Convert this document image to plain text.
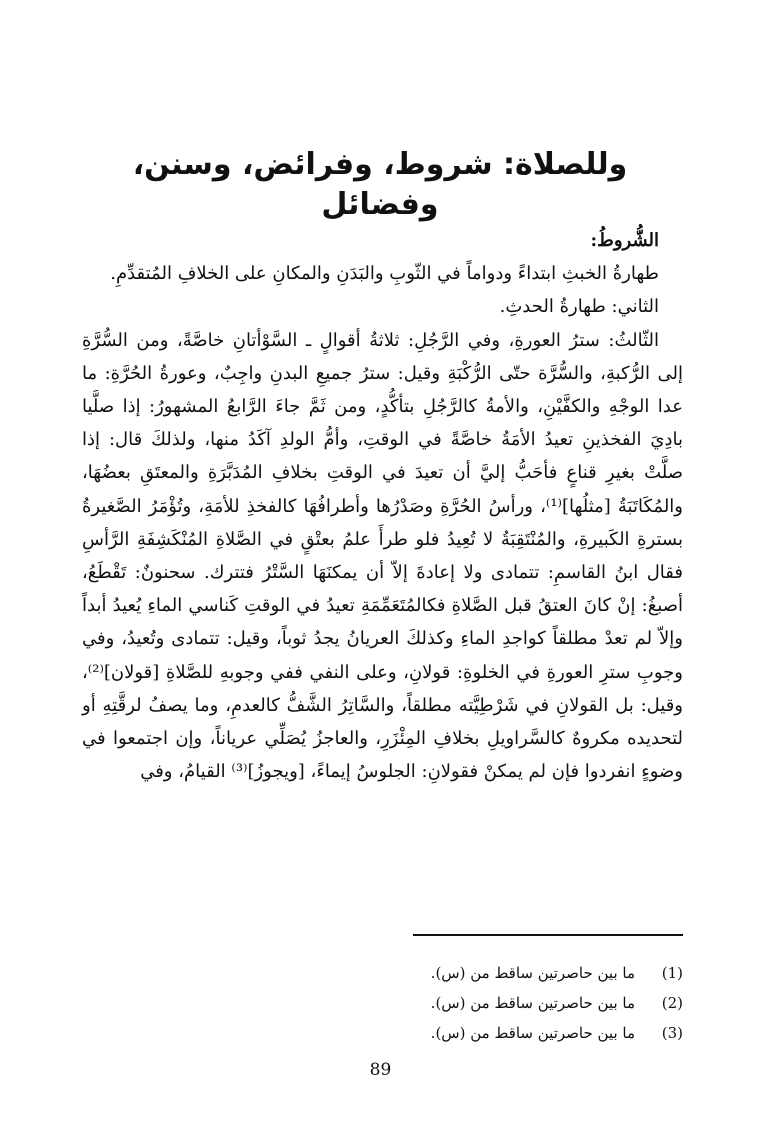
وللصلاة: شروط، وفرائض، وسنن، وفضائل

الشُّروطُ:

طهارةُ الخبثِ ابتداءً ودواماً في الثّوبِ والبَدَنِ والمكانِ على الخلافِ المُتقدِّمِ.

الثاني: طهارةُ الحدثِ.

الثّالثُ: سترُ العورةِ، وفي الرَّجُلِ: ثلاثةُ أقوالٍ ـ السَّوْأتانِ خاصَّةً، ومن السُّرَّةِ إلى الرُّكبةِ، والسُّرَّة حتّى الرُّكْبَةِ وقيل: سترُ جميعِ البدنِ واجِبٌ، وعورةُ الحُرَّةِ: ما عدا الوجْهِ والكفَّيْنِ، والأمةُ كالرَّجُلِ بتأكُّدٍ، ومن ثَمَّ جاءَ الرَّابعُ المشهورُ: إذا صلَّيا بادِيَ الفخذينِ تعيدُ الأمَةُ خاصَّةً في الوقتِ، وأمُّ الولدِ آكَدُ منها، ولذلكَ قال: إذا صلَّتْ بغيرِ قناعٍ فأحَبُّ إليَّ أن تعيدَ في الوقتِ بخلافِ المُدَبَّرَةِ والمعتَقِ بعضُهَا، والمُكَاتَبَةُ [مثلُها]⁽¹⁾، ورأسُ الحُرَّةِ وصَدْرُها وأطرافُهَا كالفخذِ للأمَةِ، وتُؤْمَرُ الصَّغيرةُ بسترةِ الكَبيرةِ، والمُنْتَقِبَةُ لا تُعِيدُ فلو طرأَ علمُ بعتْقٍ في الصَّلاةِ المُنْكَشِفَةِ الرَّأسِ فقال ابنُ القاسمِ: تتمادى ولا إعادةَ إلاّ أن يمكنَهَا السَّتْرُ فتترك. سحنونٌ: تَقْطَعُ، أصبغُ: إنْ كانَ العتقُ قبل الصَّلاةِ فكالمُتَعَمِّمَةِ تعيدُ في الوقتِ كَناسي الماءِ يُعيدُ أبداً وإلاّ لم تعدْ مطلقاً كواجدِ الماءِ وكذلكَ العريانُ يجدُ ثوباً، وقيل: تتمادى وتُعيدُ، وفي وجوبِ سترِ العورةِ في الخلوةِ: قولانِ، وعلى النفي ففي وجوبهِ للصَّلاةِ [قولان]⁽²⁾، وقيل: بل القولانِ في شَرْطِيَّته مطلقاً، والسَّاتِرُ الشَّفُّ كالعدمِ، وما يصفُ لرقَّتِهِ أو لتحديده مكروهٌ كالسَّراويلِ بخلافِ المِئْزَرِ، والعاجزُ يُصَلِّي عرياناً، وإن اجتمعوا في وضوءٍ انفردوا فإن لم يمكنْ فقولانِ: الجلوسُ إيماءً، [ويجوزُ]⁽³⁾ القيامُ، وفي

(1)
ما بين حاصرتين ساقط من (س).
(2)
ما بين حاصرتين ساقط من (س).
(3)
ما بين حاصرتين ساقط من (س).
89
